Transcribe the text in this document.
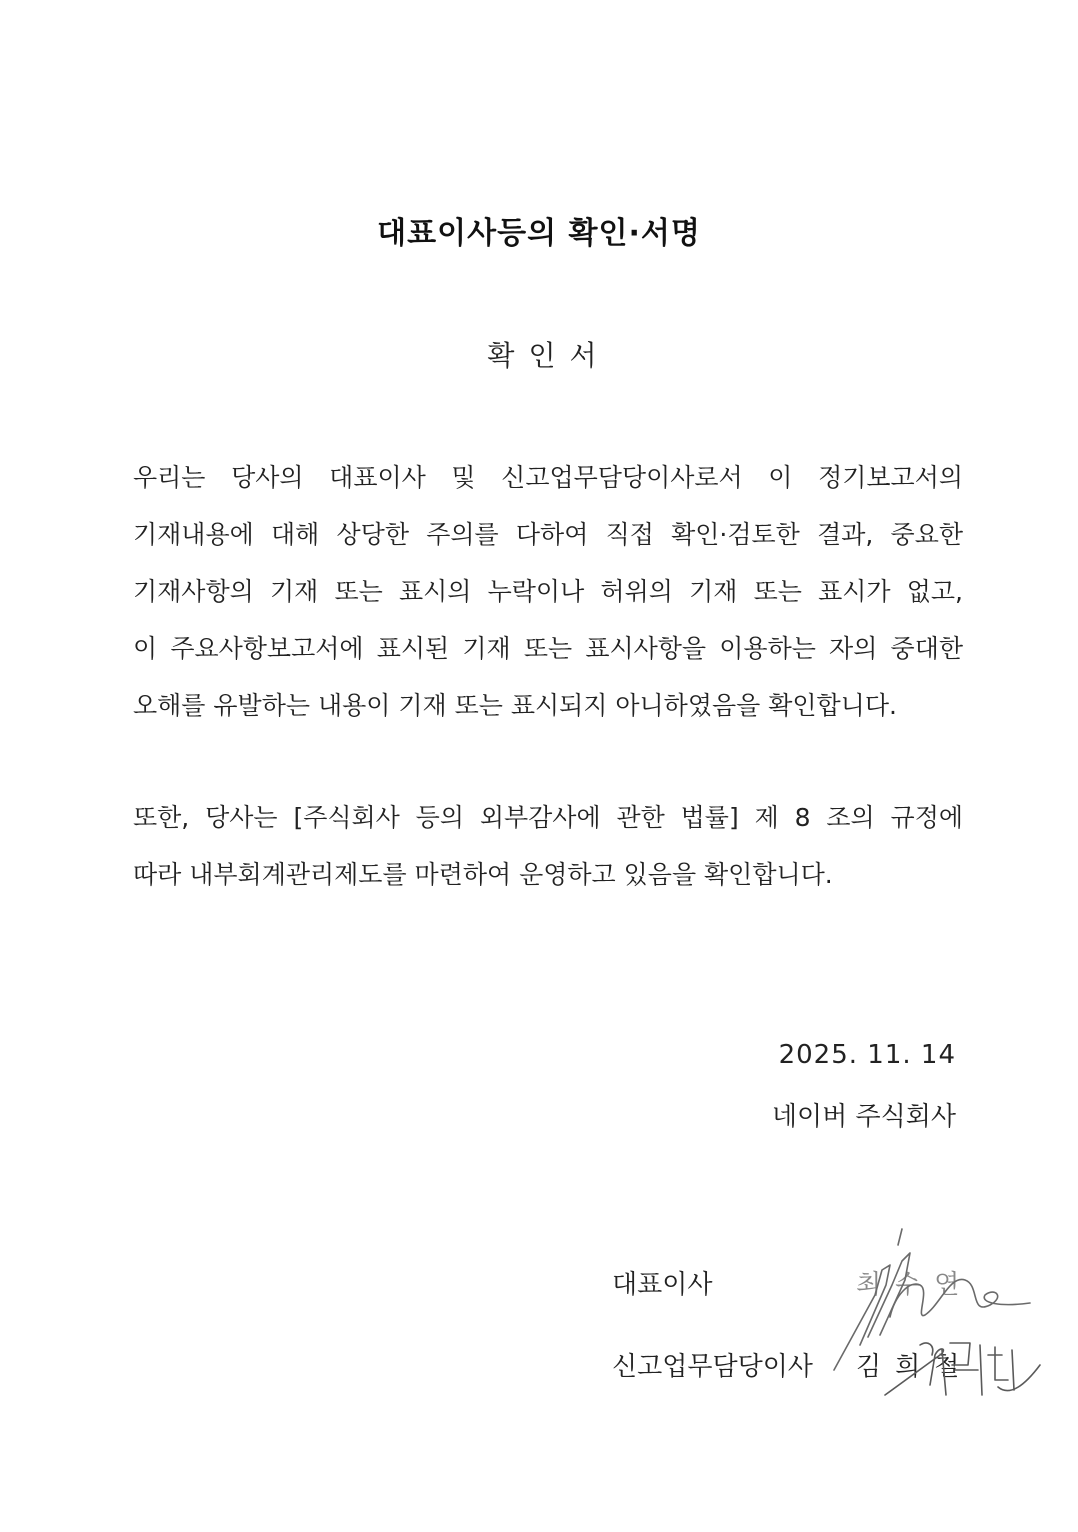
대표이사등의 확인·서명
확인서
우리는 당사의 대표이사 및 신고업무담당이사로서 이 정기보고서의
기재내용에 대해 상당한 주의를 다하여 직접 확인·검토한 결과, 중요한
기재사항의 기재 또는 표시의 누락이나 허위의 기재 또는 표시가 없고,
이 주요사항보고서에 표시된 기재 또는 표시사항을 이용하는 자의 중대한
오해를 유발하는 내용이 기재 또는 표시되지 아니하였음을 확인합니다.
또한, 당사는 [주식회사 등의 외부감사에 관한 법률] 제 8 조의 규정에
따라 내부회계관리제도를 마련하여 운영하고 있음을 확인합니다.
2025. 11. 14
네이버 주식회사
대표이사	최수연
신고업무담당이사 김희철
